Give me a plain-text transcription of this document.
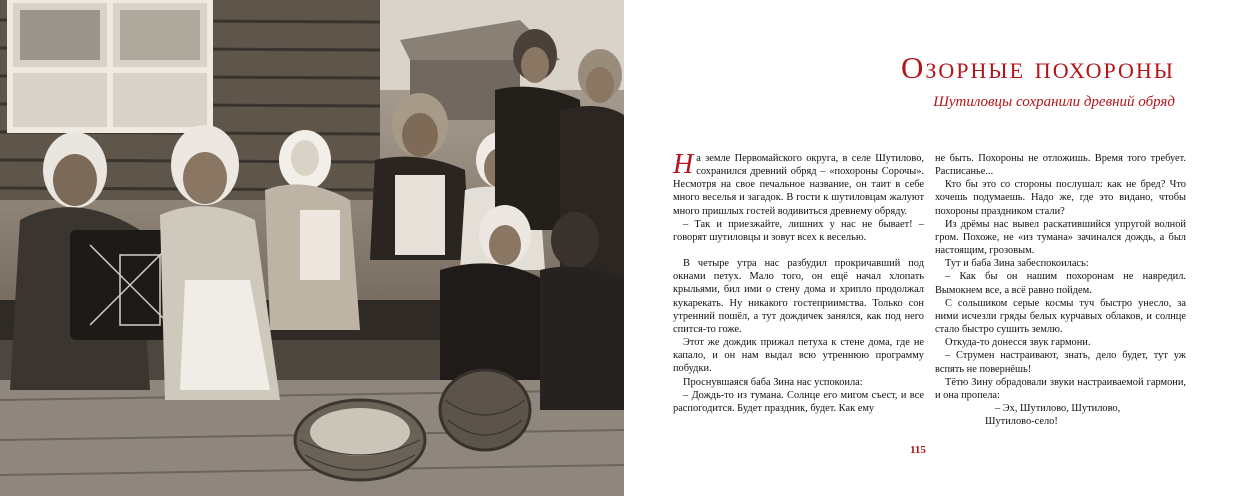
Озорные похороны
Шутиловцы сохранили древний обряд

На земле Первомайского округа, в селе Шутилово, сохранился древний обряд – «похороны Сорочы». Несмотря на свое печальное название, он таит в себе много веселья и загадок. В гости к шутиловцам жалуют много пришлых гостей водивиться древнему обряду.

– Так и приезжайте, лишних у нас не бывает! – говорят шутиловцы и зовут всех к веселью.

В четыре утра нас разбудил прокричавший под окнами петух. Мало того, он ещё начал хлопать крыльями, бил ими о стену дома и хрипло продолжал кукарекать. Ну никакого гостеприимства. Только сон утренний пошёл, а тут дождичек занялся, как под него спится-то гоже.

Этот же дождик прижал петуха к стене дома, где не капало, и он нам выдал всю утреннюю программу побудки.

Проснувшаяся баба Зина нас успокоила:

– Дождь-то из тумана. Солнце его мигом съест, и все распогодится. Будет праздник, будет. Как ему

не быть. Похороны не отложишь. Время того требует. Расписанье...

Кто бы это со стороны послушал: как не бред? Что хочешь подумаешь. Надо же, где это видано, чтобы похороны праздником стали?

Из дрёмы нас вывел раскатившийся упругой волной гром. Похоже, не «из тумана» зачинался дождь, а был настоящим, грозовым.

Тут и баба Зина забеспокоилась:

– Как бы он нашим похоронам не навредил. Вымокнем все, а всё равно пойдем.

С сольшиком серые космы туч быстро унесло, за ними исчезли гряды белых курчавых облаков, и солнце стало быстро сушить землю.

Откуда-то донесся звук гармони.

– Струмен настраивают, знать, дело будет, тут уж вспять не повернёшь!

Тётю Зину обрадовали звуки настраиваемой гармони, и она пропела:

– Эх, Шутилово, Шутилово,

Шутилово-село!

115
